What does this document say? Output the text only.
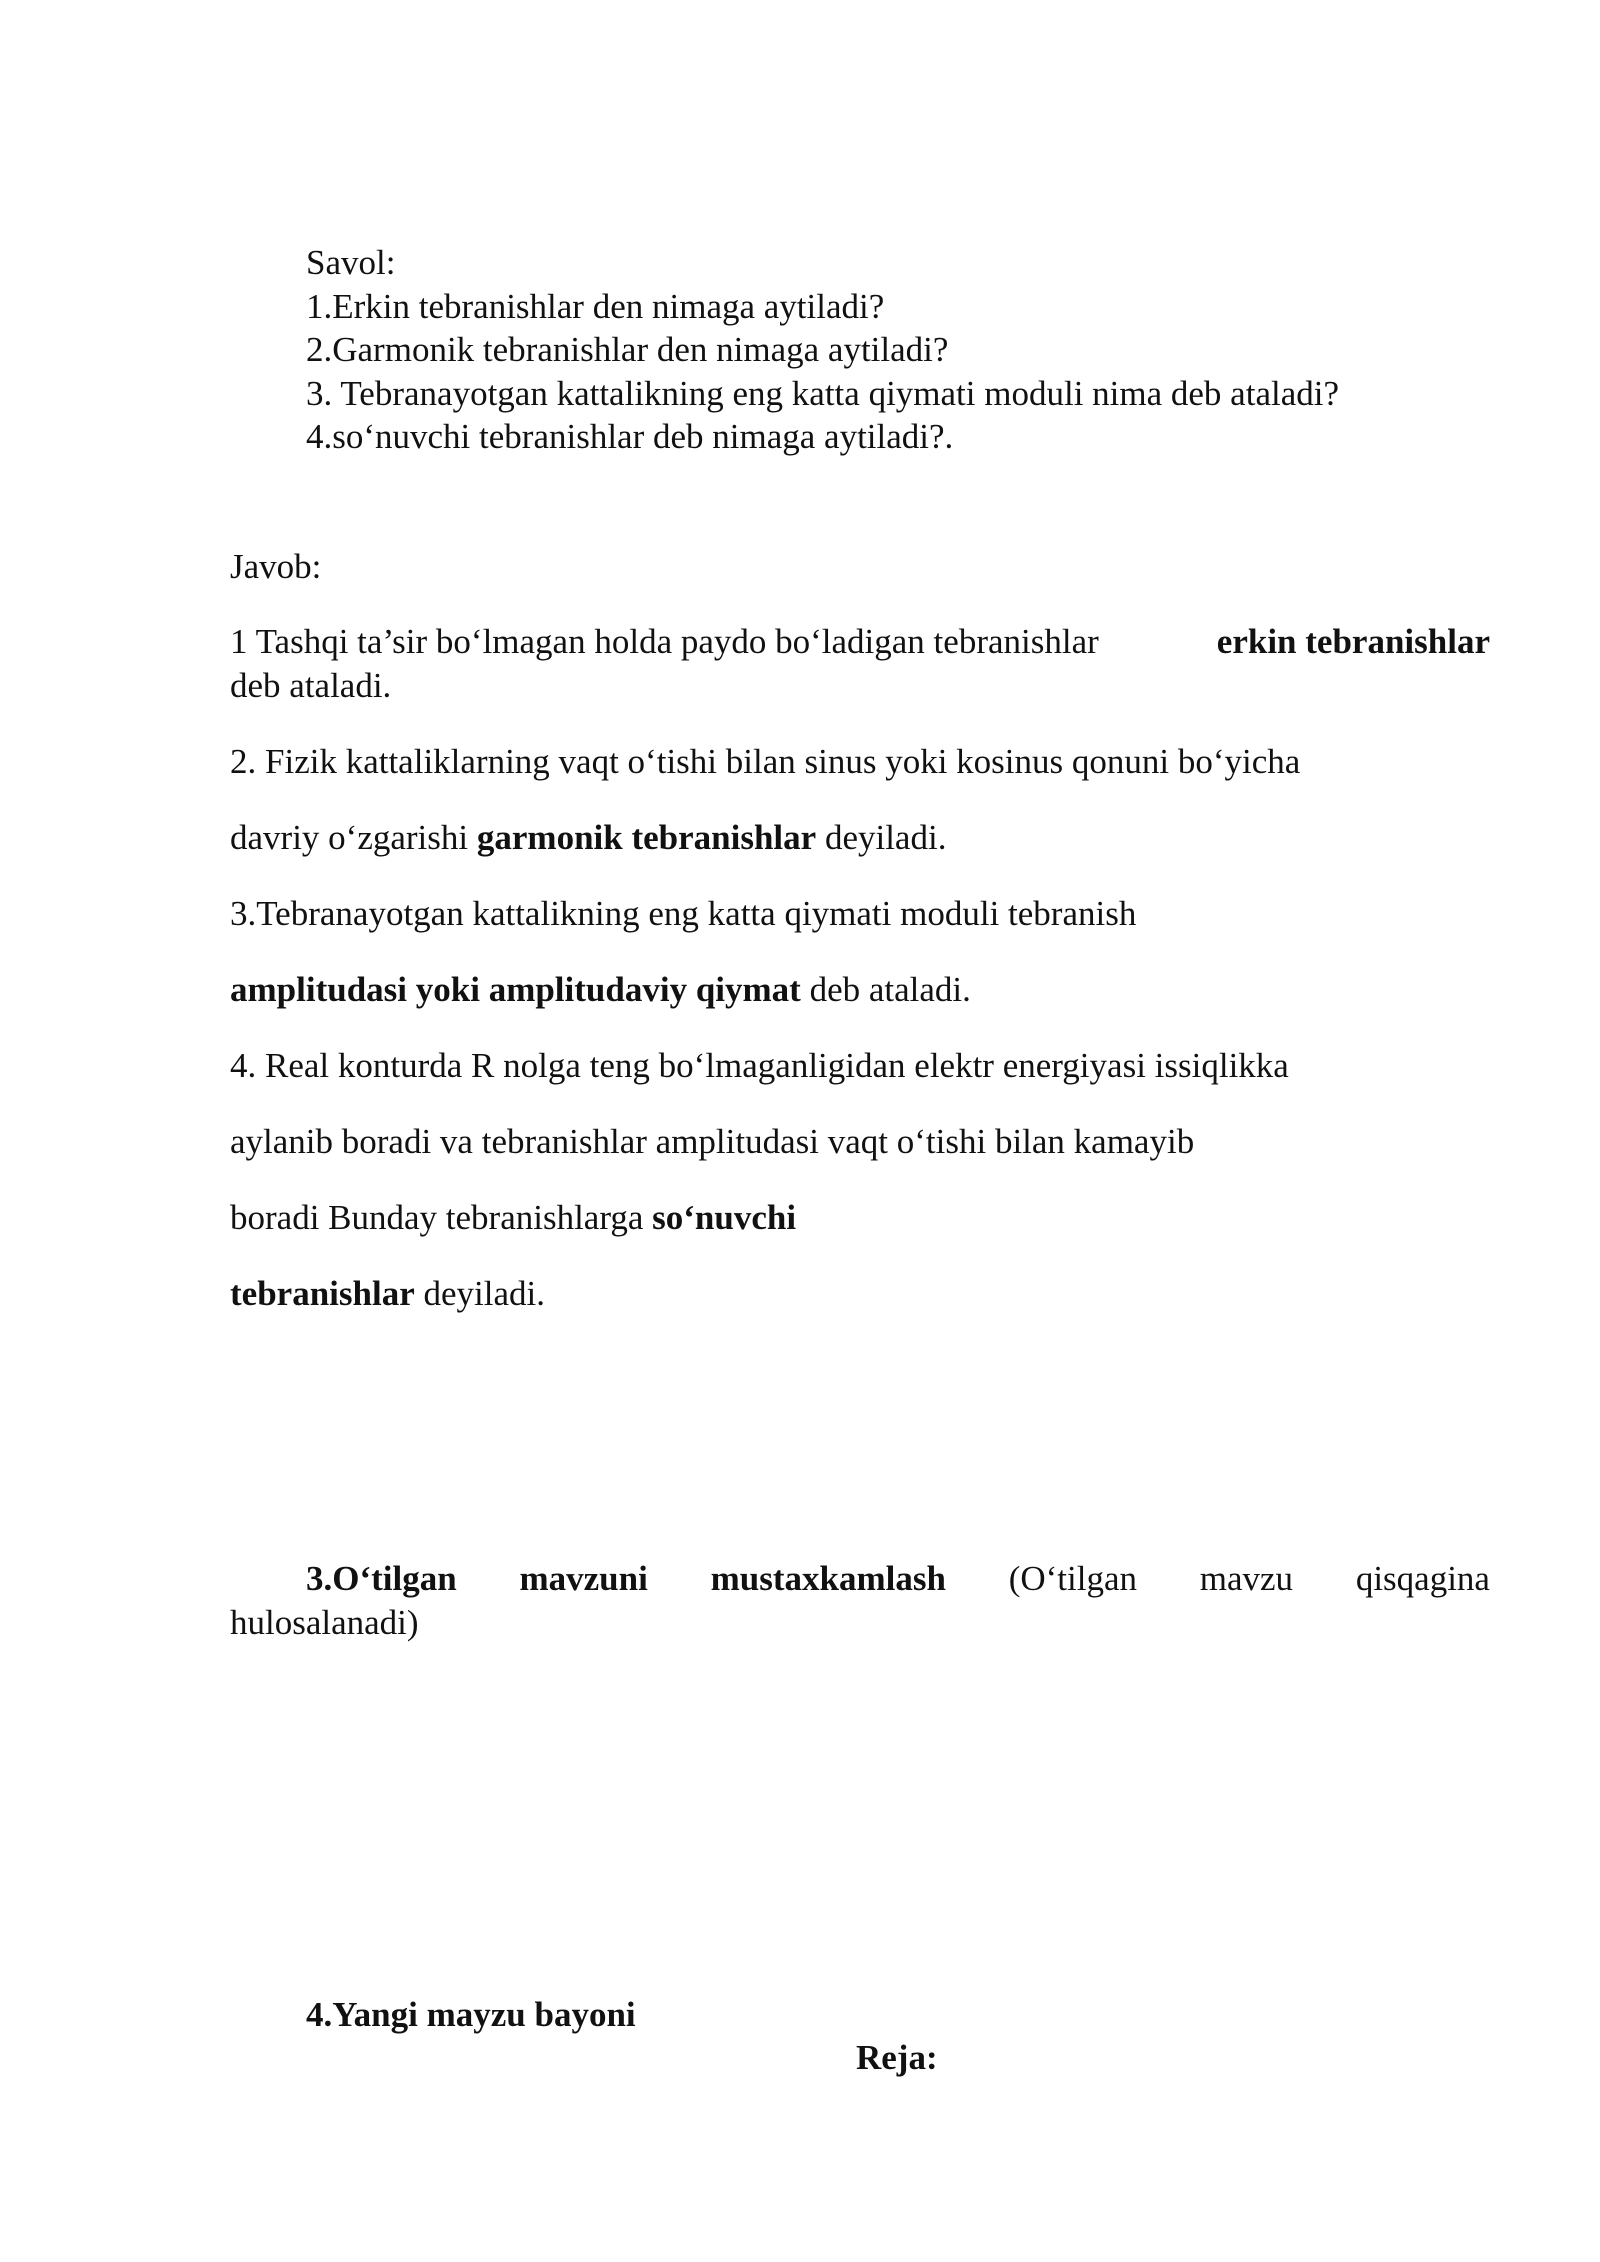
Savol:
1.Erkin tebranishlar den nimaga aytiladi?
2.Garmonik tebranishlar den nimaga aytiladi?
3. Tebranayotgan kattalikning eng katta qiymati moduli nima deb ataladi?
4.so‘nuvchi tebranishlar deb nimaga aytiladi?.
Javob:
1 Tashqi ta’sir bo‘lmagan holda paydo bo‘ladigan tebranishlar	erkin tebranishlar
deb ataladi.
2. Fizik kattaliklarning vaqt o‘tishi bilan sinus yoki kosinus qonuni bo‘yicha
davriy o‘zgarishi garmonik tebranishlar deyiladi.
3.Tebranayotgan kattalikning eng katta qiymati moduli tebranish
amplitudasi yoki amplitudaviy qiymat deb ataladi.
4. Real konturda R nolga teng bo‘lmaganligidan elektr energiyasi issiqlikka
aylanib boradi va tebranishlar amplitudasi vaqt o‘tishi bilan kamayib
boradi Bunday tebranishlarga so‘nuvchi
tebranishlar deyiladi.
3.O‘tilgan mavzuni mustaxkamlash (O‘tilgan mavzu qisqagina
hulosalanadi)
4.Yangi mayzu bayoni
Reja:
